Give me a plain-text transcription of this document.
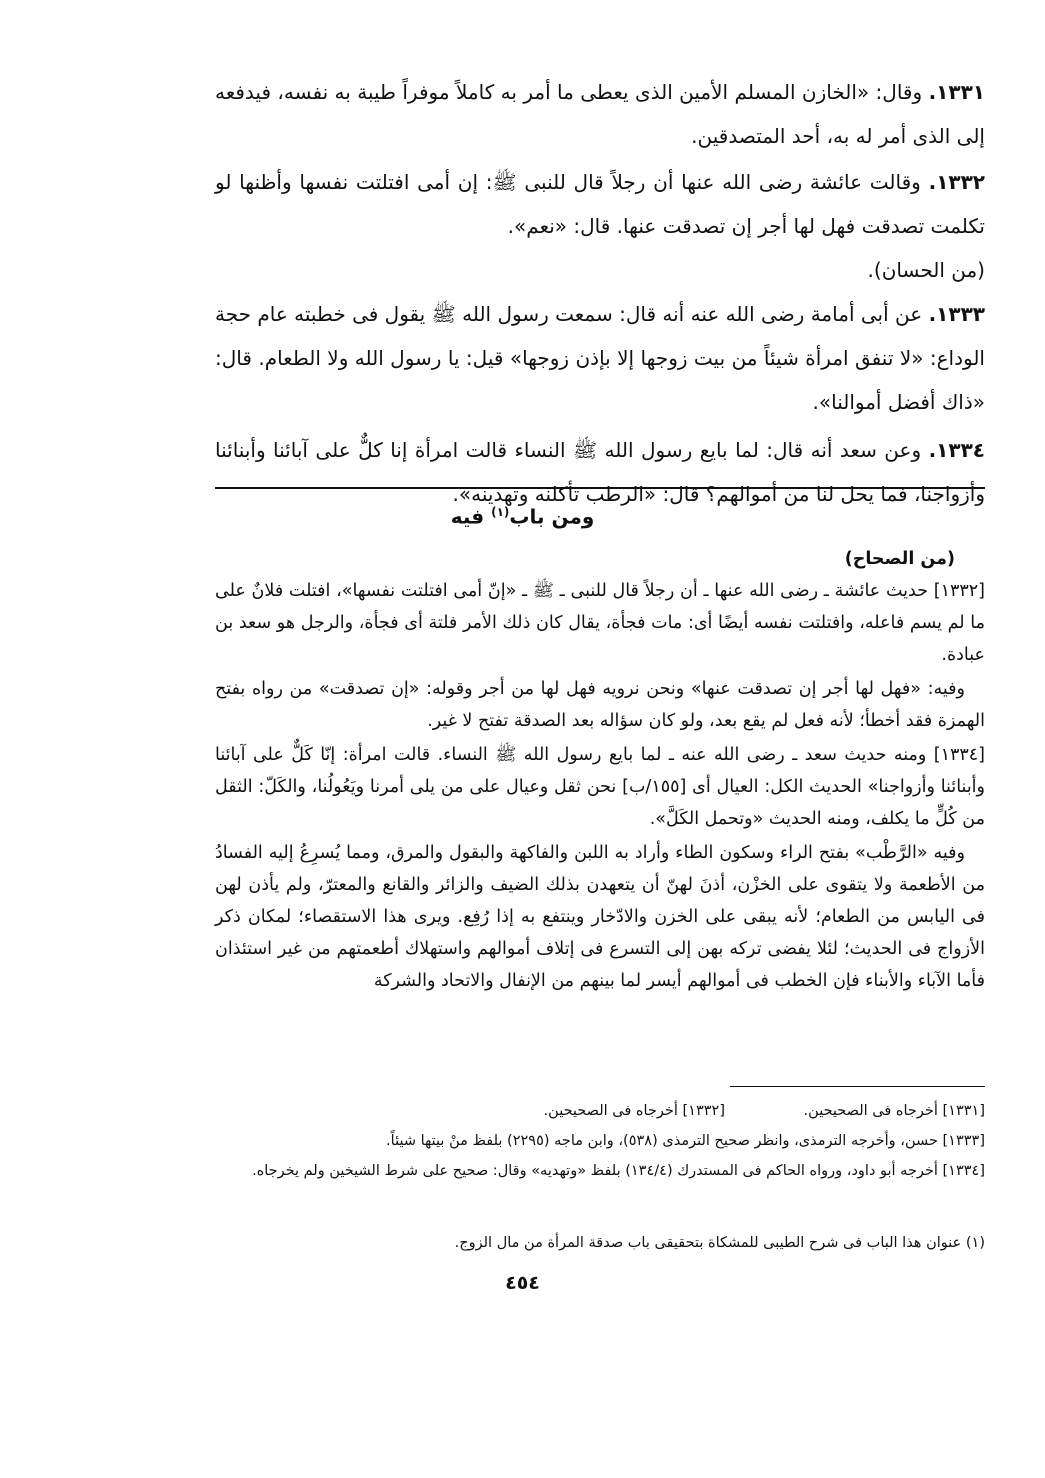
١٣٣١. وقال: «الخازن المسلم الأمين الذى يعطى ما أمر به كاملاً موفراً طيبة به نفسه، فيدفعه إلى الذى أمر له به، أحد المتصدقين.

١٣٣٢. وقالت عائشة رضى الله عنها أن رجلاً قال للنبى ﷺ: إن أمى افتلتت نفسها وأظنها لو تكلمت تصدقت فهل لها أجر إن تصدقت عنها. قال: «نعم».

(من الحسان).

١٣٣٣. عن أبى أمامة رضى الله عنه أنه قال: سمعت رسول الله ﷺ يقول فى خطبته عام حجة الوداع: «لا تنفق امرأة شيئاً من بيت زوجها إلا بإذن زوجها» قيل: يا رسول الله ولا الطعام. قال: «ذاك أفضل أموالنا».

١٣٣٤. وعن سعد أنه قال: لما بايع رسول الله ﷺ النساء قالت امرأة إنا كلٌّ على آبائنا وأبنائنا وأزواجنا، فما يحل لنا من أموالهم؟ قال: «الرطب تأكلنه وتهدينه».

ومن باب$^{(١)}$ فيه

(من الصحاح)

[١٣٣٢] حديث عائشة ـ رضى الله عنها ـ أن رجلاً قال للنبى ـ ﷺ ـ «إنّ أمى افتلتت نفسها»، افتلت فلانٌ على ما لم يسم فاعله، وافتلتت نفسه أيضًا أى: مات فجأة، يقال كان ذلك الأمر فلتة أى فجأة، والرجل هو سعد بن عبادة.

وفيه: «فهل لها أجر إن تصدقت عنها» ونحن نرويه فهل لها من أجر وقوله: «إن تصدقت» من رواه بفتح الهمزة فقد أخطأ؛ لأنه فعل لم يقع بعد، ولو كان سؤاله بعد الصدقة تفتح لا غير.

[١٣٣٤] ومنه حديث سعد ـ رضى الله عنه ـ لما بايع رسول الله ﷺ النساء. قالت امرأة: إنّا كَلٌّ على آبائنا وأبنائنا وأزواجنا» الحديث الكل: العيال أى [١٥٥/ب] نحن ثقل وعيال على من يلى أمرنا ويَعُولُنا، والكَلّ: الثقل من كُلٍّ ما يكلف، ومنه الحديث «وتحمل الكَلَّ».

وفيه «الرَّطْب» بفتح الراء وسكون الطاء وأراد به اللبن والفاكهة والبقول والمرق، ومما يُسرِعُ إليه الفسادُ من الأطعمة ولا يتقوى على الخزْن، أذنَ لهنّ أن يتعهدن بذلك الضيف والزائر والقانع والمعترّ، ولم يأذن لهن فى اليابس من الطعام؛ لأنه يبقى على الخزن والادّخار وينتفع به إذا رُفِع. ويرى هذا الاستقصاء؛ لمكان ذكر الأزواج فى الحديث؛ لئلا يفضى تركه بهن إلى التسرع فى إتلاف أموالهم واستهلاك أطعمتهم من غير استئذان فأما الآباء والأبناء فإن الخطب فى أموالهم أيسر لما بينهم من الإنفال والاتحاد والشركة

[١٣٣١] أخرجاه فى الصحيحين.
[١٣٣٢] أخرجاه فى الصحيحين.
[١٣٣٣] حسن، وأخرجه الترمذى، وانظر صحيح الترمذى (٥٣٨)، وابن ماجه (٢٢٩٥) بلفظ منْ بيتها شيئاً.
[١٣٣٤] أخرجه أبو داود، ورواه الحاكم فى المستدرك (١٣٤/٤) بلفظ «وتهديه» وقال: صحيح على شرط الشيخين ولم يخرجاه.
(١) عنوان هذا الباب فى شرح الطيبى للمشكاة بتحقيقى باب صدقة المرأة من مال الزوج.
٤٥٤
